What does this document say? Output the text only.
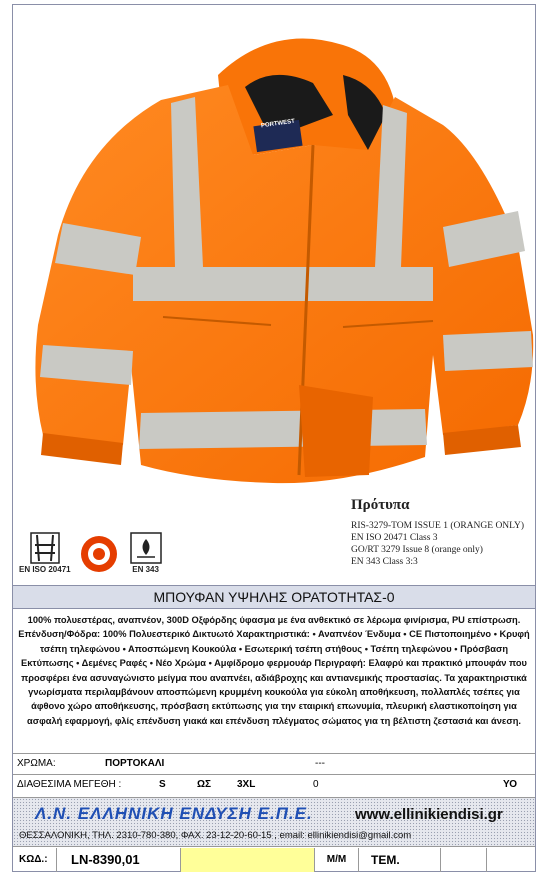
PORTWEST
EN ISO 20471	EN 343
Πρότυπα
RIS-3279-TOM ISSUE 1 (ORANGE ONLY)
EN ISO 20471 Class 3
GO/RT 3279 Issue 8 (orange only)
EN 343 Class 3:3
ΜΠΟΥΦΑΝ ΥΨΗΛΗΣ ΟΡΑΤΟΤΗΤΑΣ-0
100% πολυεστέρας, αναπνέον, 300D Οξφόρδης ύφασμα με ένα ανθεκτικό σε λέρωμα φινίρισμα, PU επίστρωση. Επένδυση/Φόδρα: 100% Πολυεστερικό Δικτυωτό Χαρακτηριστικά: • Αναπνέον Ένδυμα • CE Πιστοποιημένο • Κρυφή τσέπη τηλεφώνου • Αποσπώμενη Κουκούλα • Εσωτερική τσέπη στήθους • Τσέπη τηλεφώνου • Πρόσβαση Εκτύπωσης • Δεμένες Ραφές • Νέο Χρώμα • Αμφίδρομο φερμουάρ Περιγραφή: Ελαφρύ και πρακτικό μπουφάν που προσφέρει ένα ασυναγώνιστο μείγμα που αναπνέει, αδιάβροχης και αντιανεμικής προστασίας. Τα χαρακτηριστικά γνωρίσματα περιλαμβάνουν αποσπώμενη κρυμμένη κουκούλα για εύκολη αποθήκευση, πολλαπλές τσέπες για άφθονο χώρο αποθήκευσης, πρόσβαση εκτύπωσης για την εταιρική επωνυμία, πλευρική ελαστικοποίηση για ασφαλή εφαρμογή, φλίς επένδυση γιακά και επένδυση πλέγματος σώματος για τη βέλτιστη ζεστασιά και άνεση.
ΧΡΩΜΑ:	ΠΟΡΤΟΚΑΛΙ	---
ΔΙΑΘΕΣΙΜΑ ΜΕΓΕΘΗ :	S	ΩΣ	3XL	0	ΥΟ
Λ.Ν. ΕΛΛΗΝΙΚΗ ΕΝΔΥΣΗ Ε.Π.Ε.	www.ellinikiendisi.gr
ΘΕΣΣΑΛΟΝΙΚΗ, ΤΗΛ. 2310-780-380, ΦΑΧ. 23-12-20-60-15 , email: ellinikiendisi@gmail.com
ΚΩΔ.:	LN-8390,01	Μ/Μ	ΤΕΜ.
